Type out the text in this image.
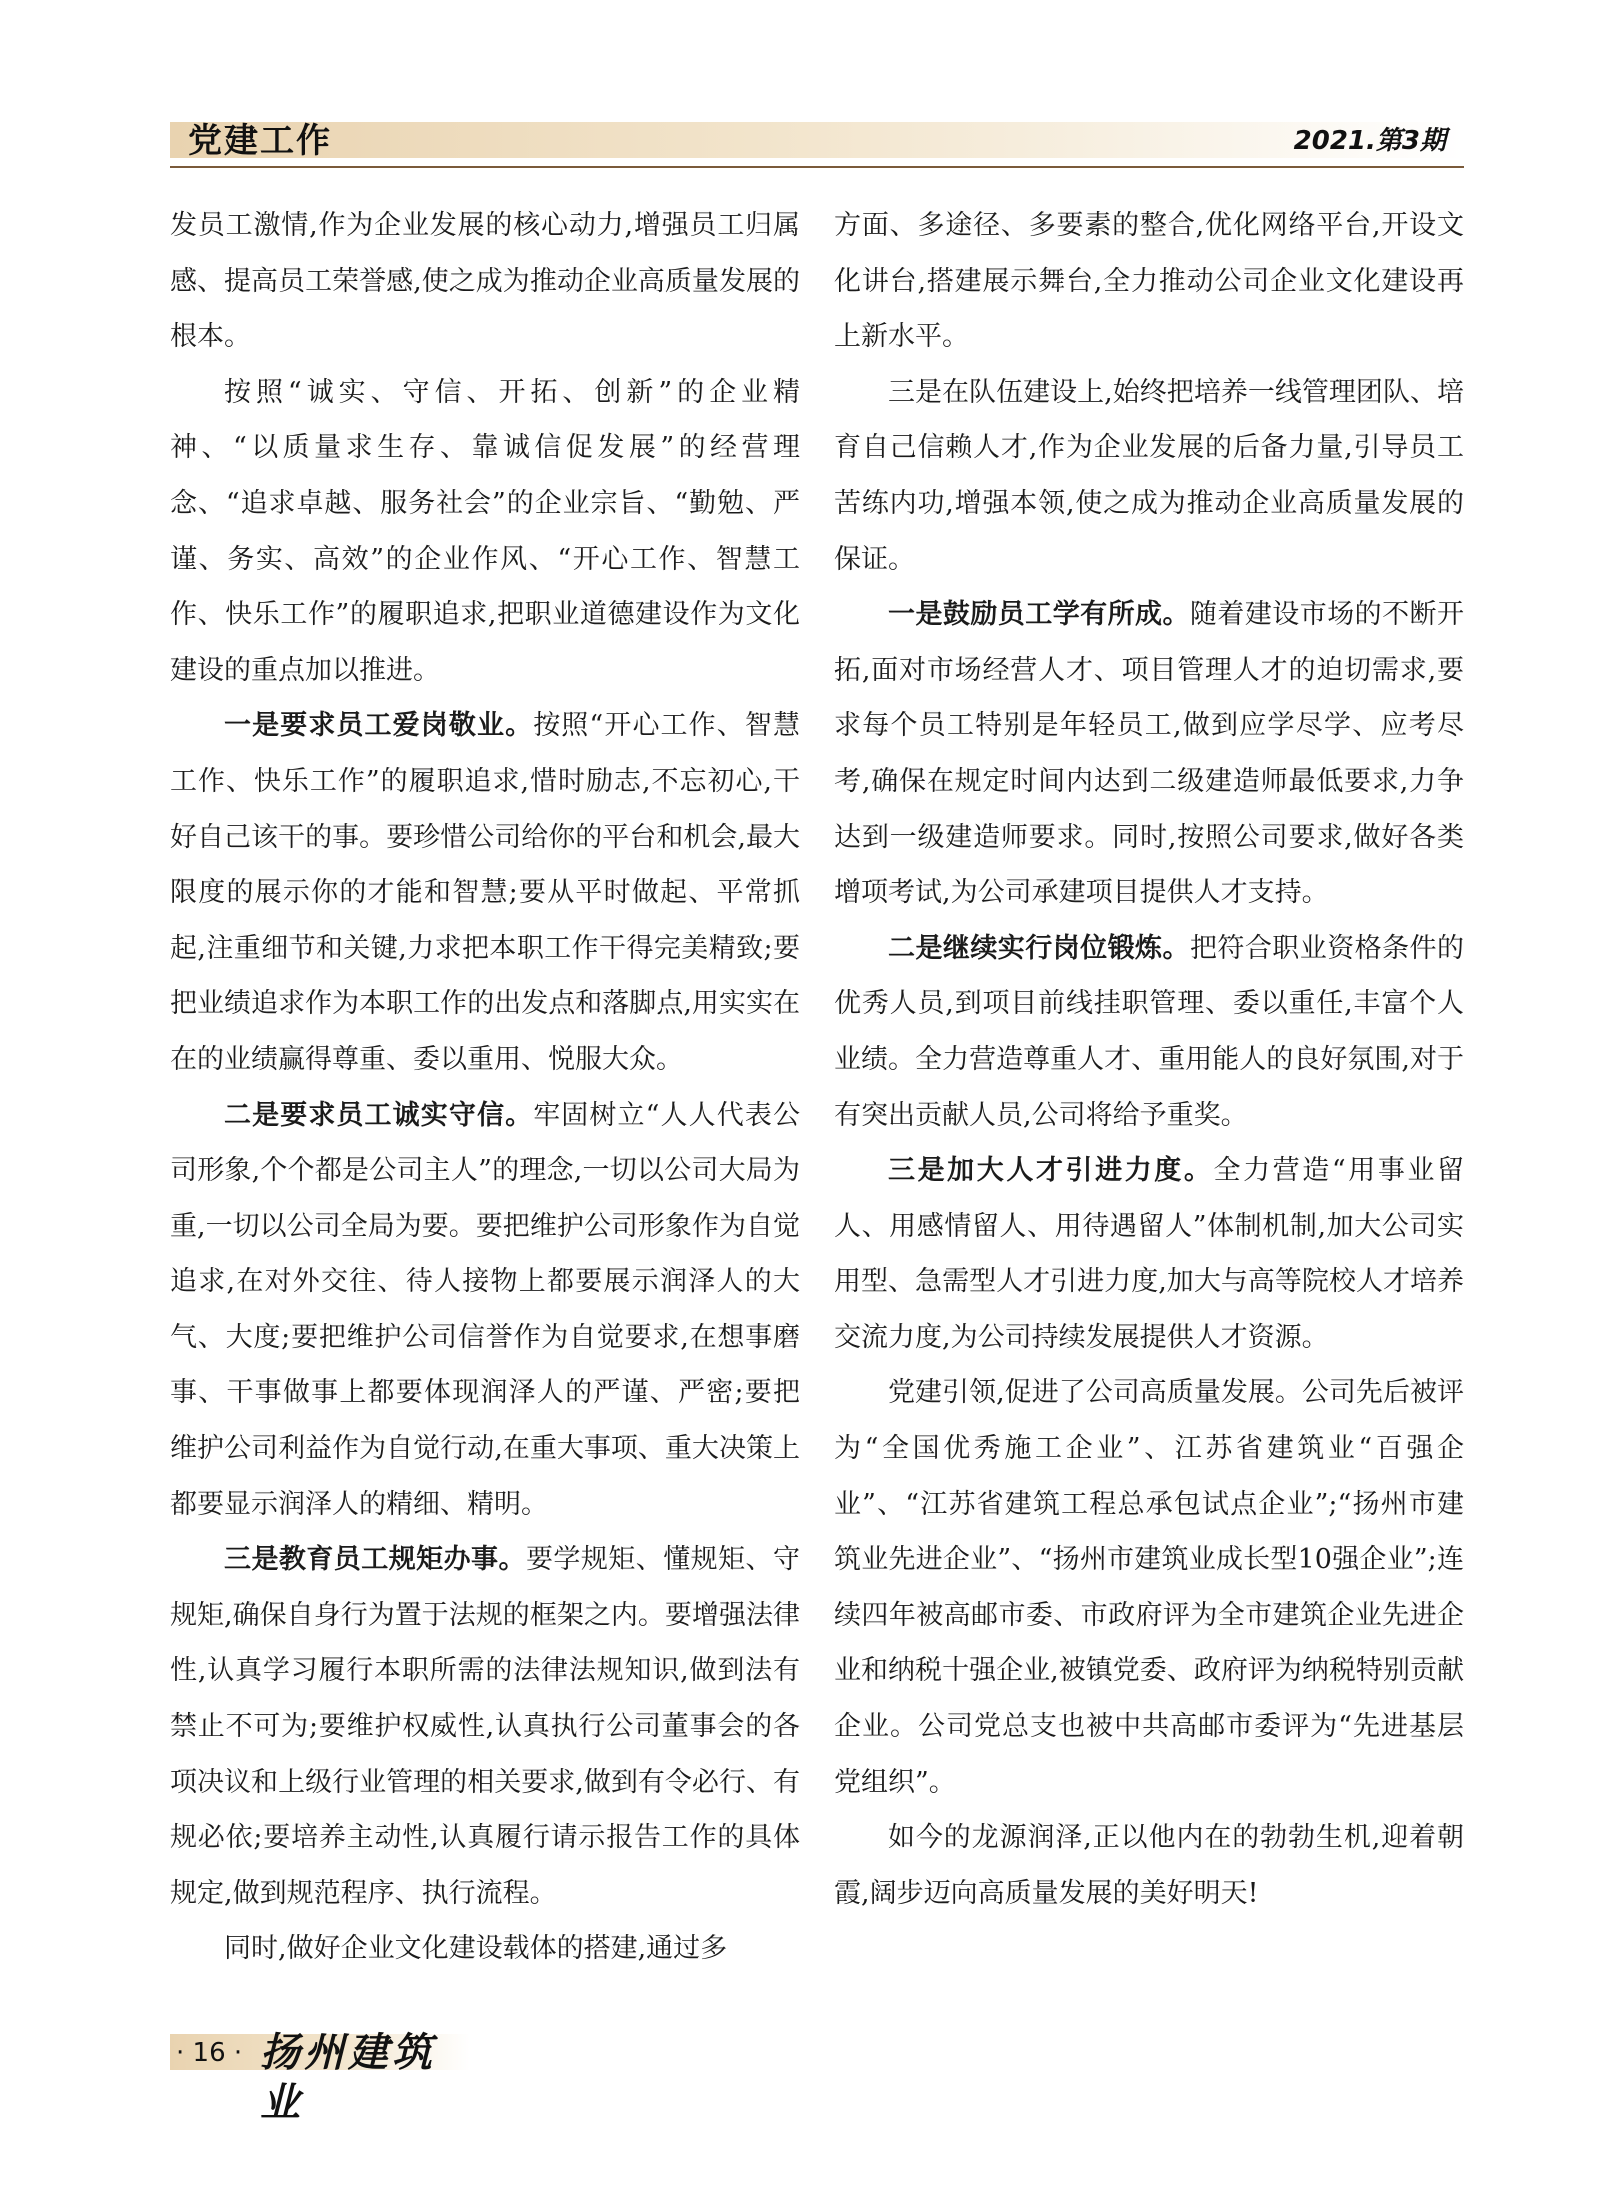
党建工作	2021.第3期

发员工激情,作为企业发展的核心动力,增强员工归属感、提高员工荣誉感,使之成为推动企业高质量发展的根本。

按照“诚实、守信、开拓、创新”的企业精神、“以质量求生存、靠诚信促发展”的经营理念、“追求卓越、服务社会”的企业宗旨、“勤勉、严谨、务实、高效”的企业作风、“开心工作、智慧工作、快乐工作”的履职追求,把职业道德建设作为文化建设的重点加以推进。

一是要求员工爱岗敬业。按照“开心工作、智慧工作、快乐工作”的履职追求,惜时励志,不忘初心,干好自己该干的事。要珍惜公司给你的平台和机会,最大限度的展示你的才能和智慧;要从平时做起、平常抓起,注重细节和关键,力求把本职工作干得完美精致;要把业绩追求作为本职工作的出发点和落脚点,用实实在在的业绩赢得尊重、委以重用、悦服大众。

二是要求员工诚实守信。牢固树立“人人代表公司形象,个个都是公司主人”的理念,一切以公司大局为重,一切以公司全局为要。要把维护公司形象作为自觉追求,在对外交往、待人接物上都要展示润泽人的大气、大度;要把维护公司信誉作为自觉要求,在想事磨事、干事做事上都要体现润泽人的严谨、严密;要把维护公司利益作为自觉行动,在重大事项、重大决策上都要显示润泽人的精细、精明。

三是教育员工规矩办事。要学规矩、懂规矩、守规矩,确保自身行为置于法规的框架之内。要增强法律性,认真学习履行本职所需的法律法规知识,做到法有禁止不可为;要维护权威性,认真执行公司董事会的各项决议和上级行业管理的相关要求,做到有令必行、有规必依;要培养主动性,认真履行请示报告工作的具体规定,做到规范程序、执行流程。

同时,做好企业文化建设载体的搭建,通过多

方面、多途径、多要素的整合,优化网络平台,开设文化讲台,搭建展示舞台,全力推动公司企业文化建设再上新水平。

三是在队伍建设上,始终把培养一线管理团队、培育自己信赖人才,作为企业发展的后备力量,引导员工苦练内功,增强本领,使之成为推动企业高质量发展的保证。

一是鼓励员工学有所成。随着建设市场的不断开拓,面对市场经营人才、项目管理人才的迫切需求,要求每个员工特别是年轻员工,做到应学尽学、应考尽考,确保在规定时间内达到二级建造师最低要求,力争达到一级建造师要求。同时,按照公司要求,做好各类增项考试,为公司承建项目提供人才支持。

二是继续实行岗位锻炼。把符合职业资格条件的优秀人员,到项目前线挂职管理、委以重任,丰富个人业绩。全力营造尊重人才、重用能人的良好氛围,对于有突出贡献人员,公司将给予重奖。

三是加大人才引进力度。全力营造“用事业留人、用感情留人、用待遇留人”体制机制,加大公司实用型、急需型人才引进力度,加大与高等院校人才培养交流力度,为公司持续发展提供人才资源。

党建引领,促进了公司高质量发展。公司先后被评为“全国优秀施工企业”、江苏省建筑业“百强企业”、“江苏省建筑工程总承包试点企业”;“扬州市建筑业先进企业”、“扬州市建筑业成长型10强企业”;连续四年被高邮市委、市政府评为全市建筑企业先进企业和纳税十强企业,被镇党委、政府评为纳税特别贡献企业。公司党总支也被中共高邮市委评为“先进基层党组织”。

如今的龙源润泽,正以他内在的勃勃生机,迎着朝霞,阔步迈向高质量发展的美好明天!

· 16 · 扬州建筑业
